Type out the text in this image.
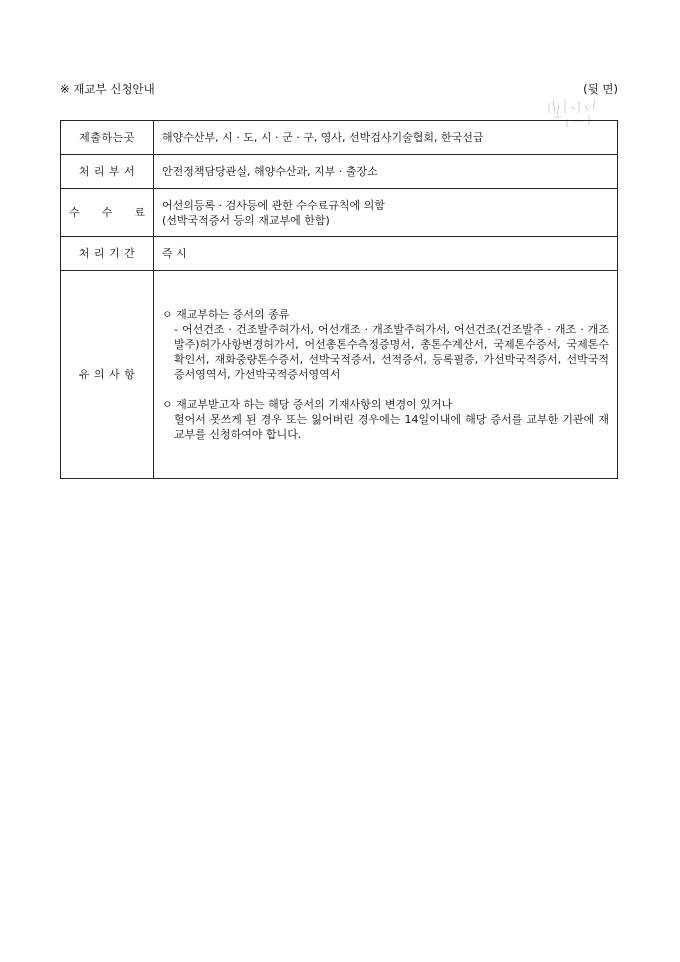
※ 재교부 신청안내	(뒷 면)
제출하는곳	해양수산부, 시 · 도, 시 · 군 · 구, 영사, 선박검사기술협회, 한국선급
처 리 부 서	안전정책담당관실, 해양수산과, 지부 · 출장소
수 수 료	어선의등록 · 검사등에 관한 수수료규칙에 의함
(선박국적증서 등의 재교부에 한함)

처 리 기 간	즉 시
유 의 사 항	ㅇ 재교부하는 증서의 종류
- 어선건조 · 건조발주허가서, 어선개조 · 개조발주허가서, 어선건조(건조발주 · 개조 · 개조발주)허가사항변경허가서, 어선총톤수측정증명서, 총톤수계산서, 국제톤수증서, 국제톤수확인서, 재화중량톤수증서, 선박국적증서, 선적증서, 등록필증, 가선박국적증서, 선박국적증서영역서, 가선박국적증서영역서
ㅇ 재교부받고자 하는 해당 증서의 기재사항의 변경이 있거나
헐어서 못쓰게 된 경우 또는 잃어버린 경우에는 14일이내에 해당 증서를 교부한 기관에 재교부를 신청하여야 합니다.
